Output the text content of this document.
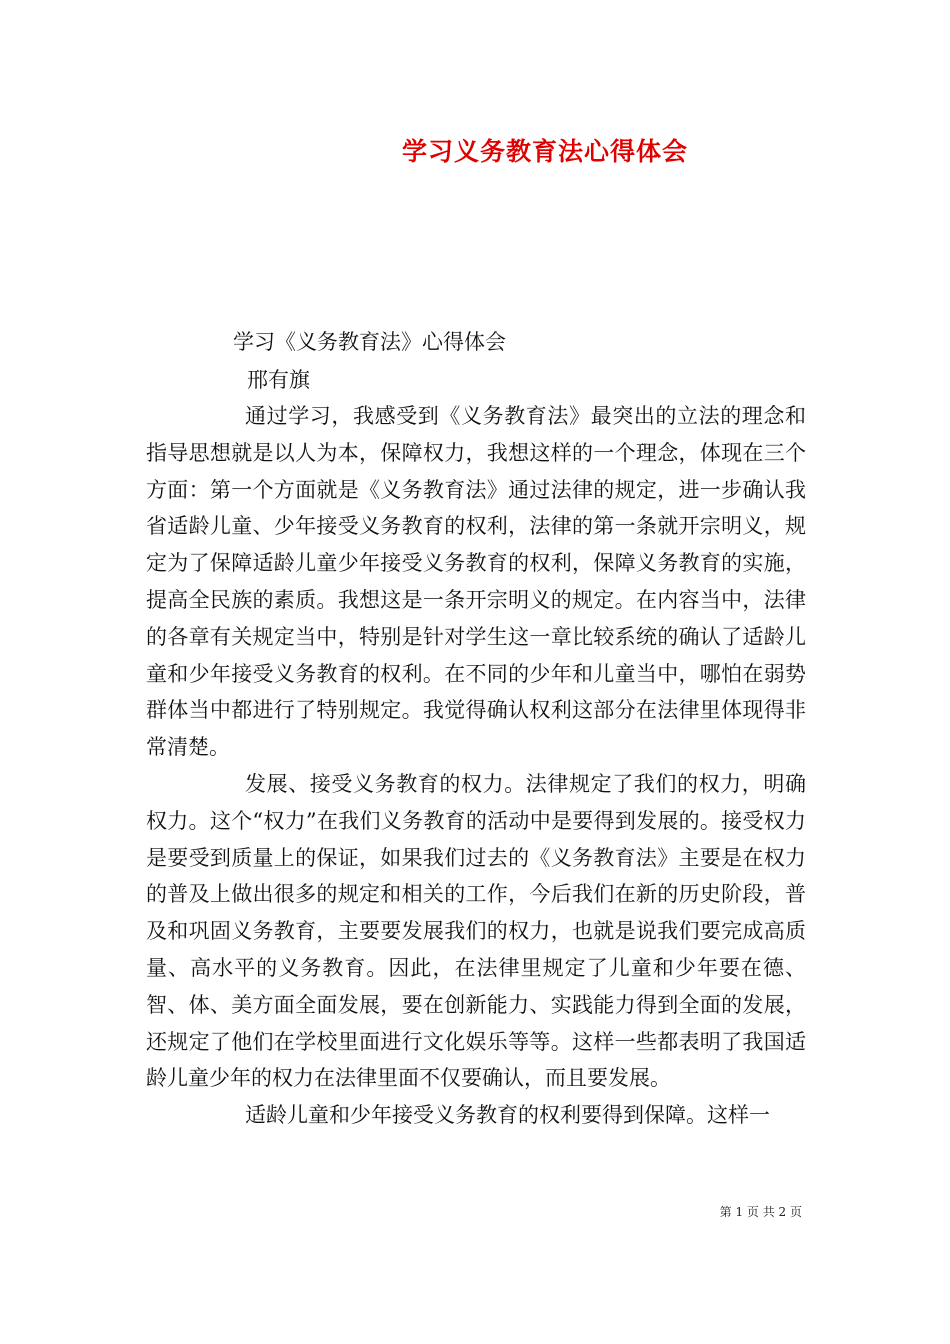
学习义务教育法心得体会
学习《义务教育法》心得体会
邢有旗

通过学习，我感受到《义务教育法》最突出的立法的理念和指导思想就是以人为本，保障权力，我想这样的一个理念，体现在三个方面：第一个方面就是《义务教育法》通过法律的规定，进一步确认我省适龄儿童、少年接受义务教育的权利，法律的第一条就开宗明义，规定为了保障适龄儿童少年接受义务教育的权利，保障义务教育的实施，提高全民族的素质。我想这是一条开宗明义的规定。在内容当中，法律的各章有关规定当中，特别是针对学生这一章比较系统的确认了适龄儿童和少年接受义务教育的权利。在不同的少年和儿童当中，哪怕在弱势群体当中都进行了特别规定。我觉得确认权利这部分在法律里体现得非常清楚。

发展、接受义务教育的权力。法律规定了我们的权力，明确权力。这个“权力”在我们义务教育的活动中是要得到发展的。接受权力是要受到质量上的保证，如果我们过去的《义务教育法》主要是在权力的普及上做出很多的规定和相关的工作，今后我们在新的历史阶段，普及和巩固义务教育，主要要发展我们的权力，也就是说我们要完成高质量、高水平的义务教育。因此，在法律里规定了儿童和少年要在德、智、体、美方面全面发展，要在创新能力、实践能力得到全面的发展，还规定了他们在学校里面进行文化娱乐等等。这样一些都表明了我国适龄儿童少年的权力在法律里面不仅要确认，而且要发展。

适龄儿童和少年接受义务教育的权利要得到保障。这样一

第 1 页 共 2 页
